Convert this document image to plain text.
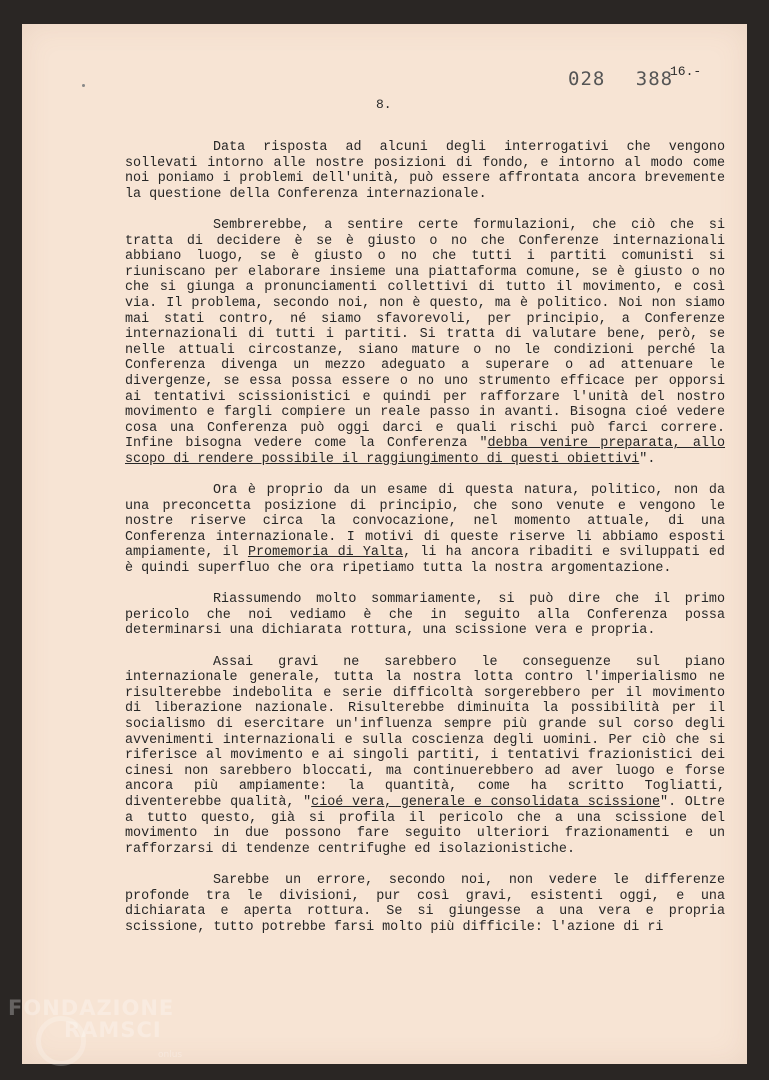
028 388
16.-
8.

Data risposta ad alcuni degli interrogativi che vengono sollevati intorno alle nostre posizioni di fondo, e intorno al modo come noi poniamo i problemi dell'unità, può essere affrontata ancora brevemente la questione della Conferenza internazionale.

Sembrerebbe, a sentire certe formulazioni, che ciò che si tratta di decidere è se è giusto o no che Conferenze internazionali abbiano luogo, se è giusto o no che tutti i partiti comunisti si riuniscano per elaborare insieme una piattaforma comune, se è giusto o no che si giunga a pronunciamenti collettivi di tutto il movimento, e così via. Il problema, secondo noi, non è questo, ma è politico. Noi non siamo mai stati contro, né siamo sfavorevoli, per principio, a Conferenze internazionali di tutti i partiti. Si tratta di valutare bene, però, se nelle attuali circostanze, siano mature o no le condizioni perché la Conferenza divenga un mezzo adeguato a superare o ad attenuare le divergenze, se essa possa essere o no uno strumento efficace per opporsi ai tentativi scissionistici e quindi per rafforzare l'unità del nostro movimento e fargli compiere un reale passo in avanti. Bisogna cioé vedere cosa una Conferenza può oggi darci e quali rischi può farci correre. Infine bisogna vedere come la Conferenza "debba venire preparata, allo scopo di rendere possibile il raggiungimento di questi obiettivi".

Ora è proprio da un esame di questa natura, politico, non da una preconcetta posizione di principio, che sono venute e vengono le nostre riserve circa la convocazione, nel momento attuale, di una Conferenza internazionale. I motivi di queste riserve li abbiamo esposti ampiamente, il Promemoria di Yalta, li ha ancora ribaditi e sviluppati ed è quindi superfluo che ora ripetiamo tutta la nostra argomentazione.

Riassumendo molto sommariamente, si può dire che il primo pericolo che noi vediamo è che in seguito alla Conferenza possa determinarsi una dichiarata rottura, una scissione vera e propria.

Assai gravi ne sarebbero le conseguenze sul piano internazionale generale, tutta la nostra lotta contro l'imperialismo ne risulterebbe indebolita e serie difficoltà sorgerebbero per il movimento di liberazione nazionale. Risulterebbe diminuita la possibilità per il socialismo di esercitare un'influenza sempre più grande sul corso degli avvenimenti internazionali e sulla coscienza degli uomini. Per ciò che si riferisce al movimento e ai singoli partiti, i tentativi frazionistici dei cinesi non sarebbero bloccati, ma continuerebbero ad aver luogo e forse ancora più ampiamente: la quantità, come ha scritto Togliatti, diventerebbe qualità, "cioé vera, generale e consolidata scissione". OLtre a tutto questo, già si profila il pericolo che a una scissione del movimento in due possono fare seguito ulteriori frazionamenti e un rafforzarsi di tendenze centrifughe ed isolazionistiche.

Sarebbe un errore, secondo noi, non vedere le differenze profonde tra le divisioni, pur così gravi, esistenti oggi, e una dichiarata e aperta rottura. Se si giungesse a una vera e propria scissione, tutto potrebbe farsi molto più difficile: l'azione di ri

FONDAZIONE
RAMSCI
onlus
